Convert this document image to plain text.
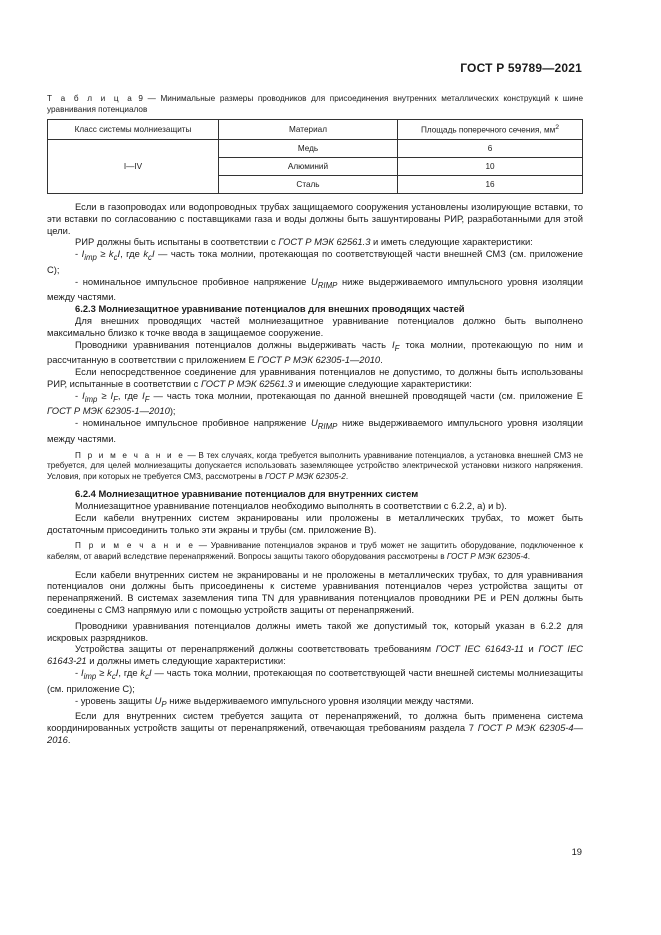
ГОСТ Р 59789—2021

Т а б л и ц а 9 — Минимальные размеры проводников для присоединения внутренних металлических конструкций к шине уравнивания потенциалов

Класс системы молниезащиты	Материал	Площадь поперечного сечения, $мм^2$
I—IV	Медь	6
	Алюминий	10
	Сталь	16

Если в газопроводах или водопроводных трубах защищаемого сооружения установлены изолирующие вставки, то эти вставки по согласованию с поставщиками газа и воды должны быть зашунтированы РИР, разработанными для этой цели.

РИР должны быть испытаны в соответствии с ГОСТ Р МЭК 62561.3 и иметь следующие характеристики:

- $I_{imp} \ge k_cI$, где $k_cI$ — часть тока молнии, протекающая по соответствующей части внешней СМЗ (см. приложение С);

- номинальное импульсное пробивное напряжение $U_{RIMP}$ ниже выдерживаемого импульсного уровня изоляции между частями.

6.2.3 Молниезащитное уравнивание потенциалов для внешних проводящих частей

Для внешних проводящих частей молниезащитное уравнивание потенциалов должно быть выполнено максимально близко к точке ввода в защищаемое сооружение.

Проводники уравнивания потенциалов должны выдерживать часть $I_F$ тока молнии, протекающую по ним и рассчитанную в соответствии с приложением Е ГОСТ Р МЭК 62305-1—2010.

Если непосредственное соединение для уравнивания потенциалов не допустимо, то должны быть использованы РИР, испытанные в соответствии с ГОСТ Р МЭК 62561.3 и имеющие следующие характеристики:

- $I_{imp} \ge I_F$, где $I_F$ — часть тока молнии, протекающая по данной внешней проводящей части (см. приложение Е ГОСТ Р МЭК 62305-1—2010);

- номинальное импульсное пробивное напряжение $U_{RIMP}$ ниже выдерживаемого импульсного уровня изоляции между частями.

П р и м е ч а н и е — В тех случаях, когда требуется выполнить уравнивание потенциалов, а установка внешней СМЗ не требуется, для целей молниезащиты допускается использовать заземляющее устройство электрической установки низкого напряжения. Условия, при которых не требуется СМЗ, рассмотрены в ГОСТ Р МЭК 62305-2.

6.2.4 Молниезащитное уравнивание потенциалов для внутренних систем

Молниезащитное уравнивание потенциалов необходимо выполнять в соответствии с 6.2.2, а) и b).

Если кабели внутренних систем экранированы или проложены в металлических трубах, то может быть достаточным присоединить только эти экраны и трубы (см. приложение В).

П р и м е ч а н и е — Уравнивание потенциалов экранов и труб может не защитить оборудование, подключенное к кабелям, от аварий вследствие перенапряжений. Вопросы защиты такого оборудования рассмотрены в ГОСТ Р МЭК 62305-4.

Если кабели внутренних систем не экранированы и не проложены в металлических трубах, то для уравнивания потенциалов они должны быть присоединены к системе уравнивания потенциалов через устройства защиты от перенапряжений. В системах заземления типа TN для уравнивания потенциалов проводники PE и PEN должны быть соединены с СМЗ напрямую или с помощью устройств защиты от перенапряжений.

Проводники уравнивания потенциалов должны иметь такой же допустимый ток, который указан в 6.2.2 для искровых разрядников.

Устройства защиты от перенапряжений должны соответствовать требованиям ГОСТ IEC 61643-11 и ГОСТ IEC 61643-21 и должны иметь следующие характеристики:

- $I_{imp} \ge k_cI$, где $k_cI$ — часть тока молнии, протекающая по соответствующей части внешней системы молниезащиты (см. приложение С);

- уровень защиты $U_P$ ниже выдерживаемого импульсного уровня изоляции между частями.

Если для внутренних систем требуется защита от перенапряжений, то должна быть применена система координированных устройств защиты от перенапряжений, отвечающая требованиям раздела 7 ГОСТ Р МЭК 62305-4—2016.

19
